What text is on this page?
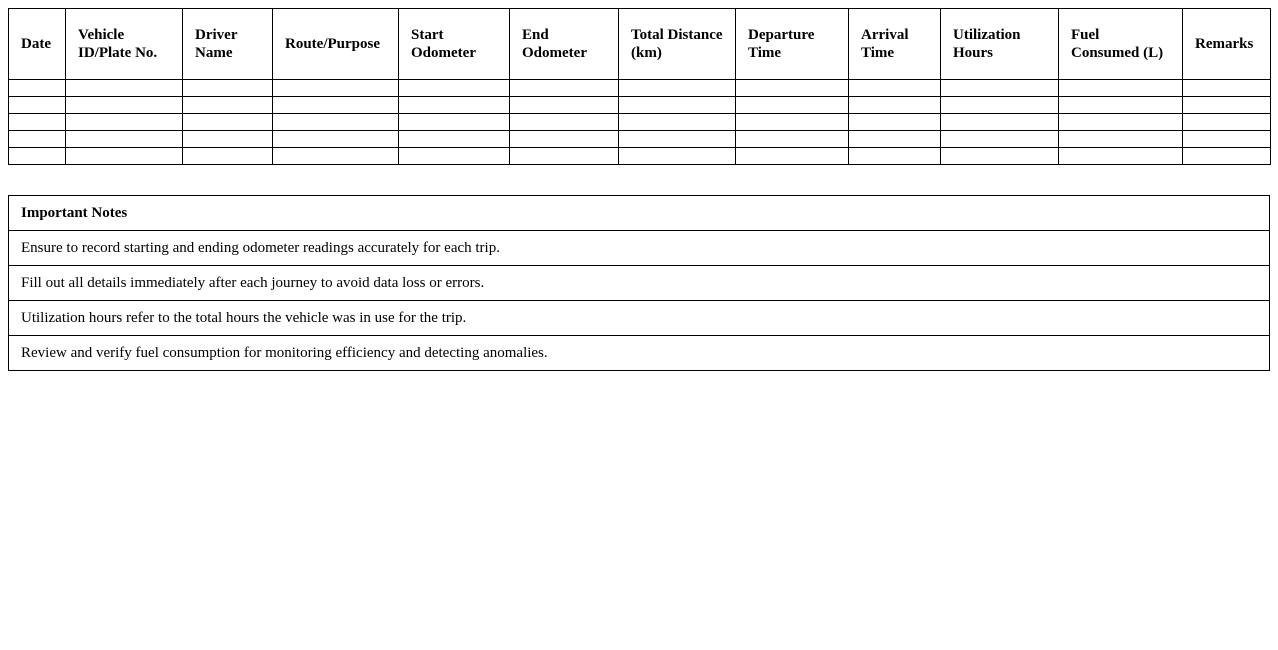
Date	Vehicle ID/Plate No.	Driver Name	Route/Purpose	Start Odometer	End Odometer	Total Distance (km)	Departure Time	Arrival Time	Utilization Hours	Fuel Consumed (L)	Remarks

Important Notes
Ensure to record starting and ending odometer readings accurately for each trip.
Fill out all details immediately after each journey to avoid data loss or errors.
Utilization hours refer to the total hours the vehicle was in use for the trip.
Review and verify fuel consumption for monitoring efficiency and detecting anomalies.
